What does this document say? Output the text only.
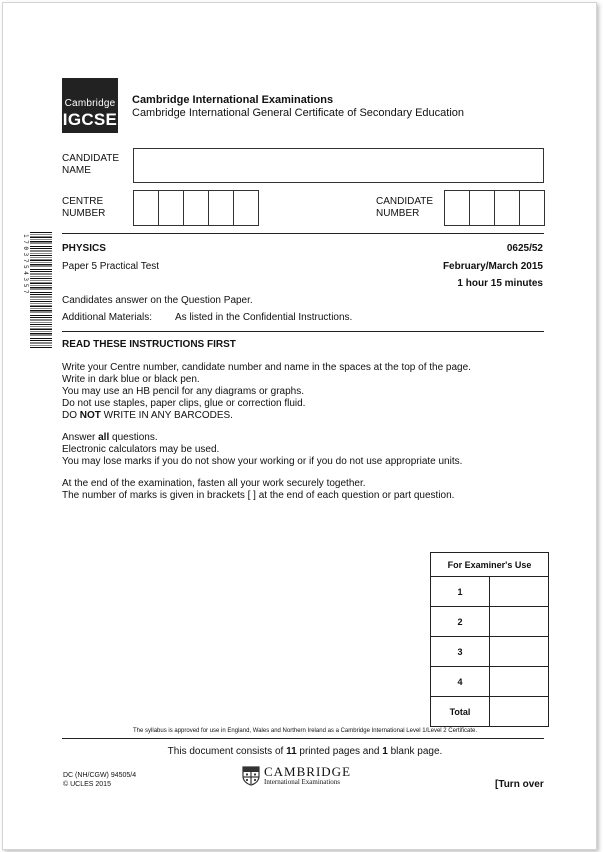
Cambridge
IGCSE
Cambridge International Examinations
Cambridge International General Certificate of Secondary Education
CANDIDATE
NAME
CENTRE
NUMBER
CANDIDATE
NUMBER
1703754357	PHYSICS	0625/52
Paper 5 Practical Test	February/March 2015
1 hour 15 minutes
Candidates answer on the Question Paper.
Additional Materials: As listed in the Confidential Instructions.
READ THESE INSTRUCTIONS FIRST
Write your Centre number, candidate number and name in the spaces at the top of the page.
Write in dark blue or black pen.
You may use an HB pencil for any diagrams or graphs.
Do not use staples, paper clips, glue or correction fluid.
DO NOT WRITE IN ANY BARCODES.
Answer all questions.
Electronic calculators may be used.
You may lose marks if you do not show your working or if you do not use appropriate units.
At the end of the examination, fasten all your work securely together.
The number of marks is given in brackets [ ] at the end of each question or part question.
For Examiner's Use	
1	
2	
3	
4	
Total	
The syllabus is approved for use in England, Wales and Northern Ireland as a Cambridge International Level 1/Level 2 Certificate.
This document consists of 11 printed pages and 1 blank page.
DC (NH/CGW) 94505/4
© UCLES 2015
CAMBRIDGE
International Examinations	[Turn over
